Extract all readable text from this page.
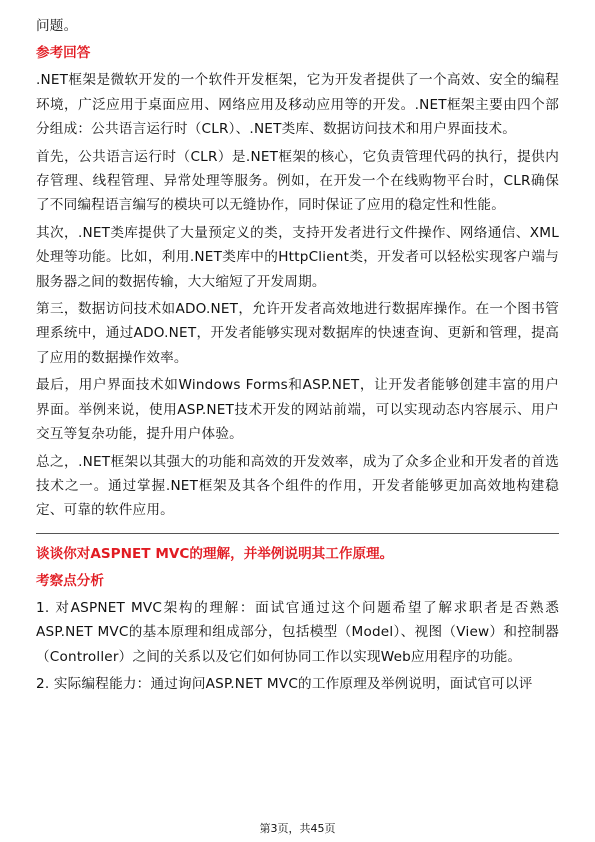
问题。

参考回答

.NET框架是微软开发的一个软件开发框架，它为开发者提供了一个高效、安全的编程环境，广泛应用于桌面应用、网络应用及移动应用等的开发。.NET框架主要由四个部分组成：公共语言运行时（CLR）、.NET类库、数据访问技术和用户界面技术。

首先，公共语言运行时（CLR）是.NET框架的核心，它负责管理代码的执行，提供内存管理、线程管理、异常处理等服务。例如，在开发一个在线购物平台时，CLR确保了不同编程语言编写的模块可以无缝协作，同时保证了应用的稳定性和性能。

其次，.NET类库提供了大量预定义的类，支持开发者进行文件操作、网络通信、XML处理等功能。比如，利用.NET类库中的HttpClient类，开发者可以轻松实现客户端与服务器之间的数据传输，大大缩短了开发周期。

第三，数据访问技术如ADO.NET，允许开发者高效地进行数据库操作。在一个图书管理系统中，通过ADO.NET，开发者能够实现对数据库的快速查询、更新和管理，提高了应用的数据操作效率。

最后，用户界面技术如Windows Forms和ASP.NET，让开发者能够创建丰富的用户界面。举例来说，使用ASP.NET技术开发的网站前端，可以实现动态内容展示、用户交互等复杂功能，提升用户体验。

总之，.NET框架以其强大的功能和高效的开发效率，成为了众多企业和开发者的首选技术之一。通过掌握.NET框架及其各个组件的作用，开发者能够更加高效地构建稳定、可靠的软件应用。

谈谈你对ASPNET MVC的理解，并举例说明其工作原理。
考察点分析

1. 对ASPNET MVC架构的理解：面试官通过这个问题希望了解求职者是否熟悉ASP.NET MVC的基本原理和组成部分，包括模型（Model）、视图（View）和控制器（Controller）之间的关系以及它们如何协同工作以实现Web应用程序的功能。

2. 实际编程能力：通过询问ASP.NET MVC的工作原理及举例说明，面试官可以评

第3页，共45页
